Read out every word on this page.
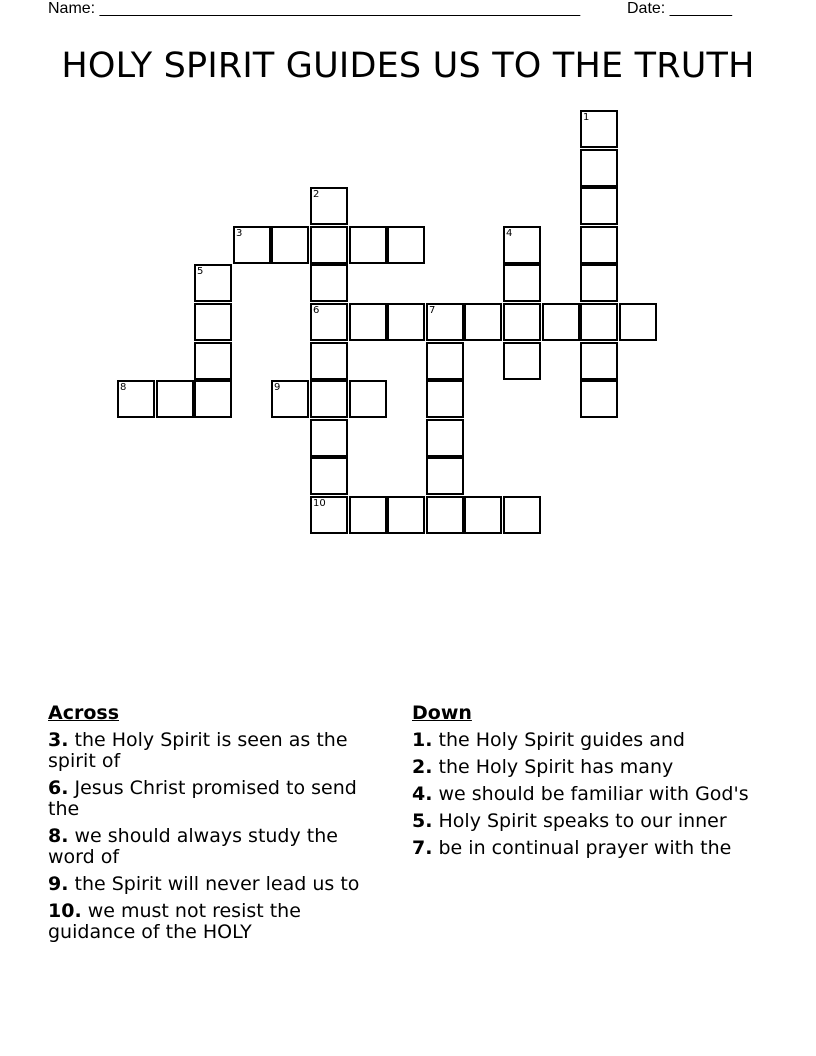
Name: ______________________________________________________	Date: _______
HOLY SPIRIT GUIDES US TO THE TRUTH
1
2
6
10
3	4
5
7
8	9
Across
3. the Holy Spirit is seen as the spirit of
6. Jesus Christ promised to send the
8. we should always study the word of
9. the Spirit will never lead us to
10. we must not resist the guidance of the HOLY
Down
1. the Holy Spirit guides and
2. the Holy Spirit has many
4. we should be familiar with God's
5. Holy Spirit speaks to our inner
7. be in continual prayer with the
